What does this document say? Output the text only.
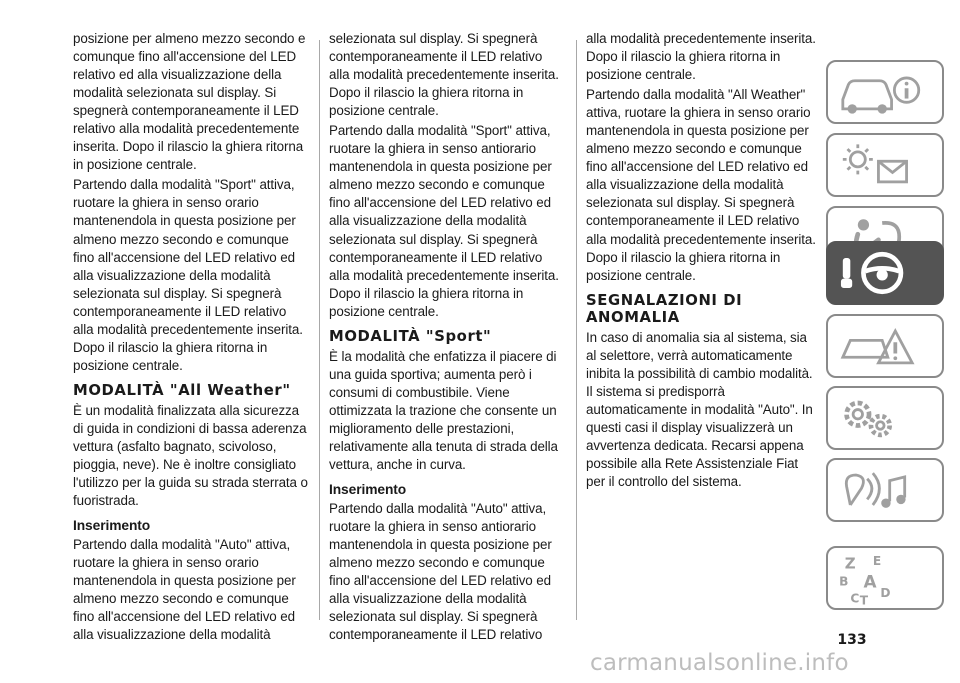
posizione per almeno mezzo secondo e comunque fino all'accensione del LED relativo ed alla visualizzazione della modalità selezionata sul display. Si spegnerà contemporaneamente il LED relativo alla modalità precedentemente inserita. Dopo il rilascio la ghiera ritorna in posizione centrale.

Partendo dalla modalità "Sport" attiva, ruotare la ghiera in senso orario mantenendola in questa posizione per almeno mezzo secondo e comunque fino all'accensione del LED relativo ed alla visualizzazione della modalità selezionata sul display. Si spegnerà contemporaneamente il LED relativo alla modalità precedentemente inserita. Dopo il rilascio la ghiera ritorna in posizione centrale.

MODALITÀ "All Weather"

È un modalità finalizzata alla sicurezza di guida in condizioni di bassa aderenza vettura (asfalto bagnato, scivoloso, pioggia, neve). Ne è inoltre consigliato l'utilizzo per la guida su strada sterrata o fuoristrada.

Inserimento

Partendo dalla modalità "Auto" attiva, ruotare la ghiera in senso orario mantenendola in questa posizione per almeno mezzo secondo e comunque fino all'accensione del LED relativo ed alla visualizzazione della modalità

selezionata sul display. Si spegnerà contemporaneamente il LED relativo alla modalità precedentemente inserita. Dopo il rilascio la ghiera ritorna in posizione centrale.

Partendo dalla modalità "Sport" attiva, ruotare la ghiera in senso antiorario mantenendola in questa posizione per almeno mezzo secondo e comunque fino all'accensione del LED relativo ed alla visualizzazione della modalità selezionata sul display. Si spegnerà contemporaneamente il LED relativo alla modalità precedentemente inserita. Dopo il rilascio la ghiera ritorna in posizione centrale.

MODALITÀ "Sport"

È la modalità che enfatizza il piacere di una guida sportiva; aumenta però i consumi di combustibile. Viene ottimizzata la trazione che consente un miglioramento delle prestazioni, relativamente alla tenuta di strada della vettura, anche in curva.

Inserimento

Partendo dalla modalità "Auto" attiva, ruotare la ghiera in senso antiorario mantenendola in questa posizione per almeno mezzo secondo e comunque fino all'accensione del LED relativo ed alla visualizzazione della modalità selezionata sul display. Si spegnerà contemporaneamente il LED relativo

alla modalità precedentemente inserita. Dopo il rilascio la ghiera ritorna in posizione centrale.

Partendo dalla modalità "All Weather" attiva, ruotare la ghiera in senso orario mantenendola in questa posizione per almeno mezzo secondo e comunque fino all'accensione del LED relativo ed alla visualizzazione della modalità selezionata sul display. Si spegnerà contemporaneamente il LED relativo alla modalità precedentemente inserita. Dopo il rilascio la ghiera ritorna in posizione centrale.

SEGNALAZIONI DI ANOMALIA

In caso di anomalia sia al sistema, sia al selettore, verrà automaticamente inibita la possibilità di cambio modalità. Il sistema si predisporrà automaticamente in modalità "Auto". In questi casi il display visualizzerà un avvertenza dedicata. Recarsi appena possibile alla Rete Assistenziale Fiat per il controllo del sistema.

Z E
B A
C T
D
133
carmanualsonline.info
